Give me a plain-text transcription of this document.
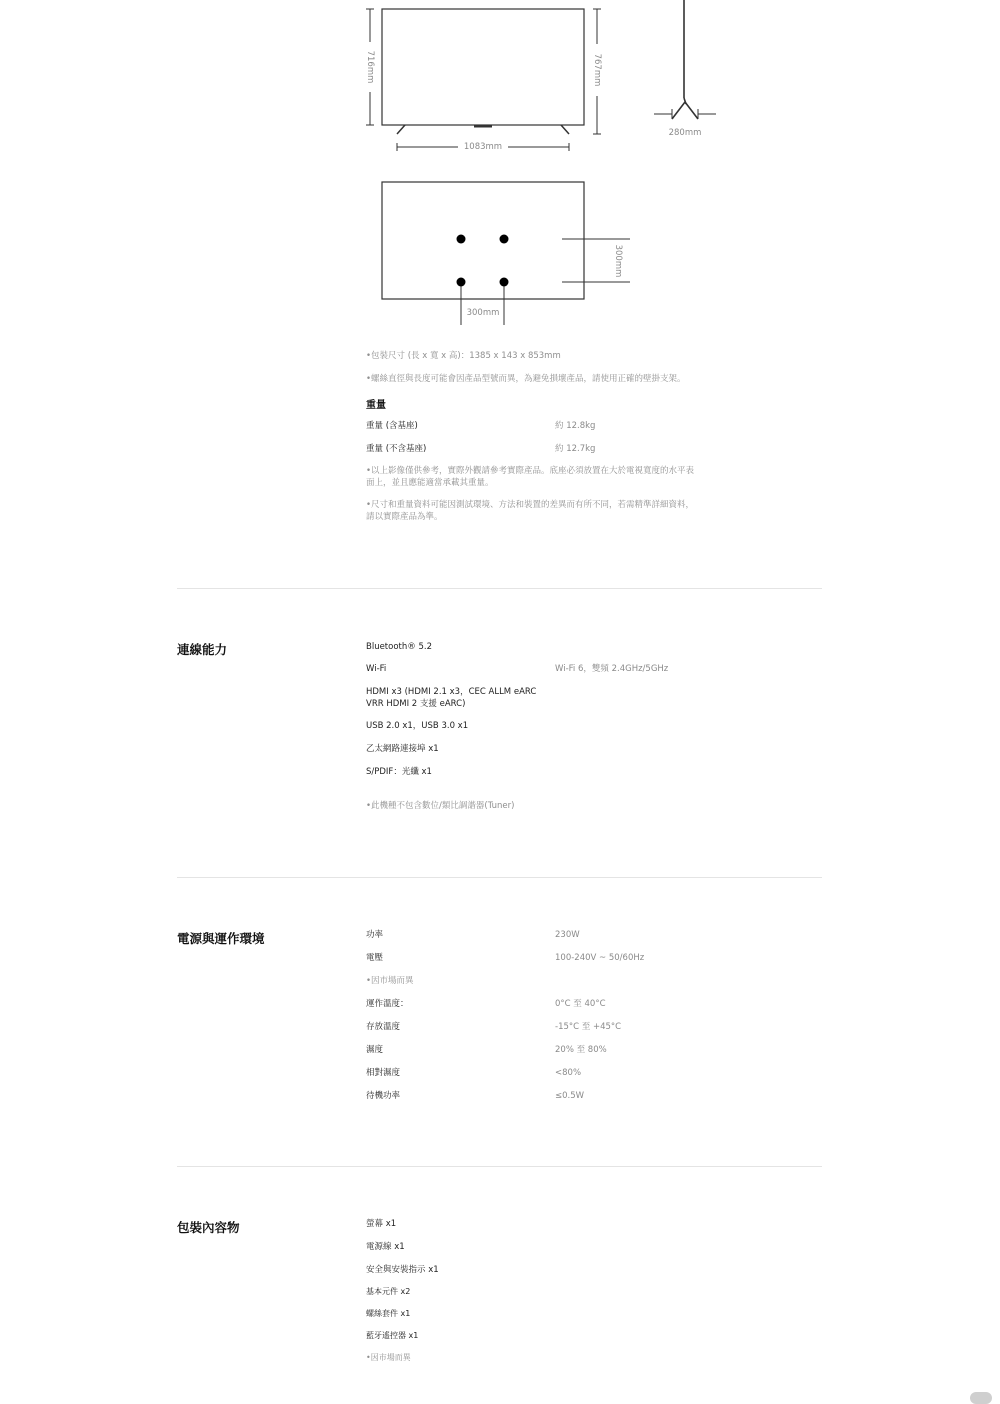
716mm	767mm
1083mm
280mm
300mm
300mm
•包裝尺寸 (長 x 寬 x 高)：1385 x 143 x 853mm
•螺絲直徑與長度可能會因產品型號而異，為避免損壞產品，請使用正確的壁掛支架。
重量
重量 (含基座)	約 12.8kg
重量 (不含基座)	約 12.7kg
•以上影像僅供參考，實際外觀請參考實際產品。底座必須放置在大於電視寬度的水平表
面上，並且應能適當承載其重量。
•尺寸和重量資料可能因測試環境、方法和裝置的差異而有所不同，若需精準詳細資料，
請以實際產品為準。
連線能力	Bluetooth® 5.2
Wi-Fi	Wi-Fi 6，雙頻 2.4GHz/5GHz
HDMI x3 (HDMI 2.1 x3，CEC ALLM eARC
VRR HDMI 2 支援 eARC)
USB 2.0 x1，USB 3.0 x1
乙太網路連接埠 x1
S/PDIF：光纖 x1
•此機種不包含數位/類比調諧器(Tuner)
電源與運作環境	功率	230W
電壓	100-240V ~ 50/60Hz
•因市場而異
運作溫度：	0°C 至 40°C
存放溫度	-15°C 至 +45°C
濕度	20% 至 80%
相對濕度	<80%
待機功率	≤0.5W
包裝內容物	螢幕 x1
電源線 x1
安全與安裝指示 x1
基本元件 x2
螺絲套件 x1
藍牙遙控器 x1
•因市場而異
